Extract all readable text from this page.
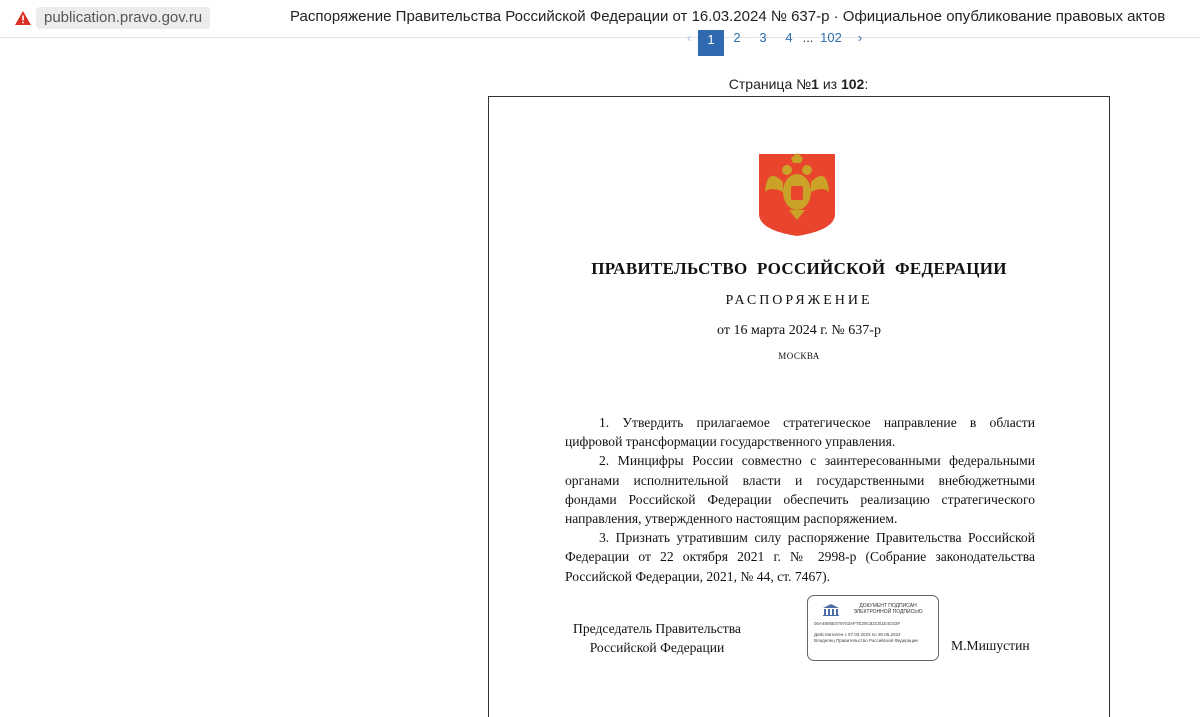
publication.pravo.gov.ru	Распоряжение Правительства Российской Федерации от 16.03.2024 № 637-р · Официальное опубликование правовых актов
‹	1	2	3	4 ... 102	›
Страница №1 из 102:
ПРАВИТЕЛЬСТВО РОССИЙСКОЙ ФЕДЕРАЦИИ
РАСПОРЯЖЕНИЕ
от 16 марта 2024 г. № 637-р
МОСКВА

1. Утвердить прилагаемое стратегическое направление в области цифровой трансформации государственного управления.

2. Минцифры России совместно с заинтересованными федеральными органами исполнительной власти и государственными внебюджетными фондами Российской Федерации обеспечить реализацию стратегического направления, утвержденного настоящим распоряжением.

3. Признать утратившим силу распоряжение Правительства Российской Федерации от 22 октября 2021 г. № 2998-р (Собрание законодательства Российской Федерации, 2021, № 44, ст. 7467).

Председатель Правительства
Российской Федерации
ДОКУМЕНТ ПОДПИСАН
ЭЛЕКТРОННОЙ ПОДПИСЬЮ
00A4900E079703AFTE29C82CB1E4O33F
Действителен с 07.03.2023 по 30.05.2024
Владелец Правительство Российской Федерации	М.Мишустин
